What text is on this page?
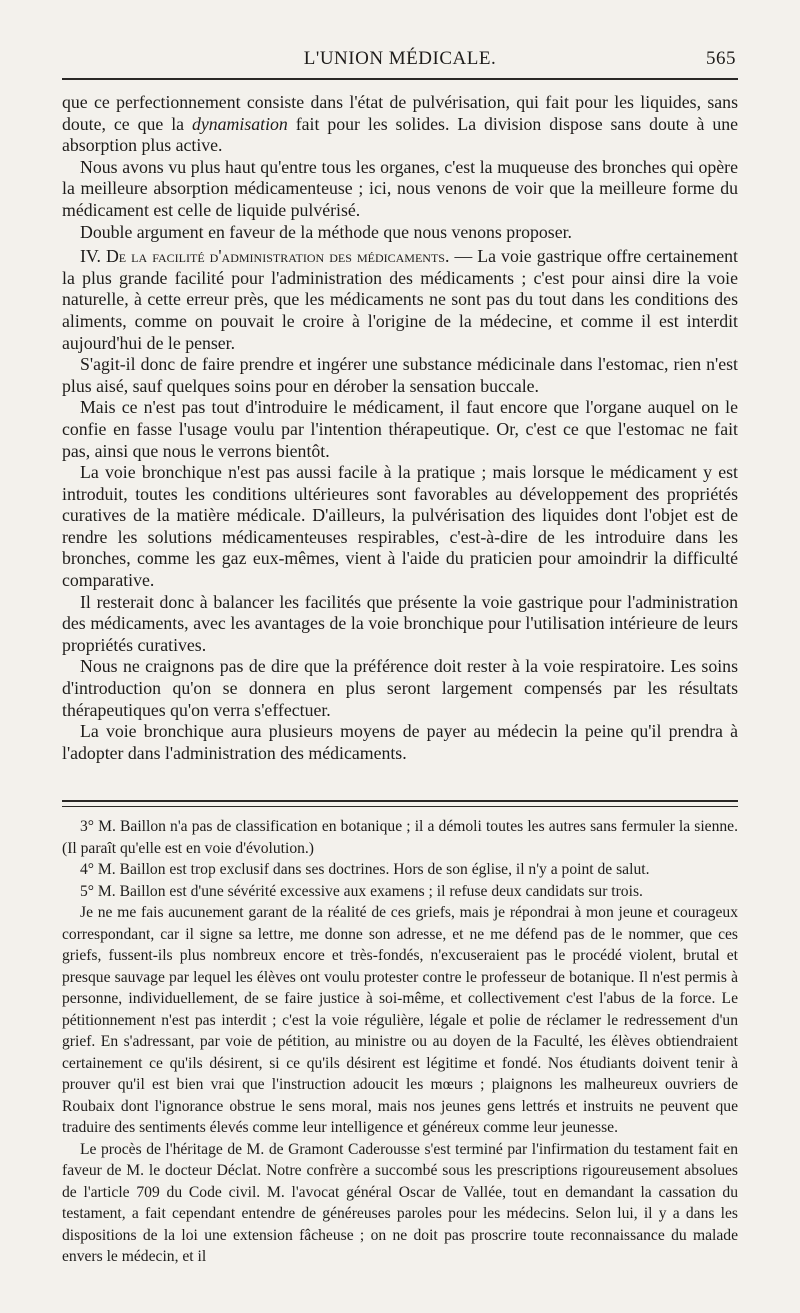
L'UNION MÉDICALE.	565

que ce perfectionnement consiste dans l'état de pulvérisation, qui fait pour les liquides, sans doute, ce que la dynamisation fait pour les solides. La division dispose sans doute à une absorption plus active.

Nous avons vu plus haut qu'entre tous les organes, c'est la muqueuse des bronches qui opère la meilleure absorption médicamenteuse ; ici, nous venons de voir que la meilleure forme du médicament est celle de liquide pulvérisé.

Double argument en faveur de la méthode que nous venons proposer.

IV. De la facilité d'administration des médicaments. — La voie gastrique offre certainement la plus grande facilité pour l'administration des médicaments ; c'est pour ainsi dire la voie naturelle, à cette erreur près, que les médicaments ne sont pas du tout dans les conditions des aliments, comme on pouvait le croire à l'origine de la médecine, et comme il est interdit aujourd'hui de le penser.

S'agit-il donc de faire prendre et ingérer une substance médicinale dans l'estomac, rien n'est plus aisé, sauf quelques soins pour en dérober la sensation buccale.

Mais ce n'est pas tout d'introduire le médicament, il faut encore que l'organe auquel on le confie en fasse l'usage voulu par l'intention thérapeutique. Or, c'est ce que l'estomac ne fait pas, ainsi que nous le verrons bientôt.

La voie bronchique n'est pas aussi facile à la pratique ; mais lorsque le médicament y est introduit, toutes les conditions ultérieures sont favorables au développement des propriétés curatives de la matière médicale. D'ailleurs, la pulvérisation des liquides dont l'objet est de rendre les solutions médicamenteuses respirables, c'est-à-dire de les introduire dans les bronches, comme les gaz eux-mêmes, vient à l'aide du praticien pour amoindrir la difficulté comparative.

Il resterait donc à balancer les facilités que présente la voie gastrique pour l'administration des médicaments, avec les avantages de la voie bronchique pour l'utilisation intérieure de leurs propriétés curatives.

Nous ne craignons pas de dire que la préférence doit rester à la voie respiratoire. Les soins d'introduction qu'on se donnera en plus seront largement compensés par les résultats thérapeutiques qu'on verra s'effectuer.

La voie bronchique aura plusieurs moyens de payer au médecin la peine qu'il prendra à l'adopter dans l'administration des médicaments.

3° M. Baillon n'a pas de classification en botanique ; il a démoli toutes les autres sans fermuler la sienne. (Il paraît qu'elle est en voie d'évolution.)

4° M. Baillon est trop exclusif dans ses doctrines. Hors de son église, il n'y a point de salut.

5° M. Baillon est d'une sévérité excessive aux examens ; il refuse deux candidats sur trois.

Je ne me fais aucunement garant de la réalité de ces griefs, mais je répondrai à mon jeune et courageux correspondant, car il signe sa lettre, me donne son adresse, et ne me défend pas de le nommer, que ces griefs, fussent-ils plus nombreux encore et très-fondés, n'excuseraient pas le procédé violent, brutal et presque sauvage par lequel les élèves ont voulu protester contre le professeur de botanique. Il n'est permis à personne, individuellement, de se faire justice à soi-même, et collectivement c'est l'abus de la force. Le pétitionnement n'est pas interdit ; c'est la voie régulière, légale et polie de réclamer le redressement d'un grief. En s'adressant, par voie de pétition, au ministre ou au doyen de la Faculté, les élèves obtiendraient certainement ce qu'ils désirent, si ce qu'ils désirent est légitime et fondé. Nos étudiants doivent tenir à prouver qu'il est bien vrai que l'instruction adoucit les mœurs ; plaignons les malheureux ouvriers de Roubaix dont l'ignorance obstrue le sens moral, mais nos jeunes gens lettrés et instruits ne peuvent que traduire des sentiments élevés comme leur intelligence et généreux comme leur jeunesse.

Le procès de l'héritage de M. de Gramont Caderousse s'est terminé par l'infirmation du testament fait en faveur de M. le docteur Déclat. Notre confrère a succombé sous les prescriptions rigoureusement absolues de l'article 709 du Code civil. M. l'avocat général Oscar de Vallée, tout en demandant la cassation du testament, a fait cependant entendre de généreuses paroles pour les médecins. Selon lui, il y a dans les dispositions de la loi une extension fâcheuse ; on ne doit pas proscrire toute reconnaissance du malade envers le médecin, et il
